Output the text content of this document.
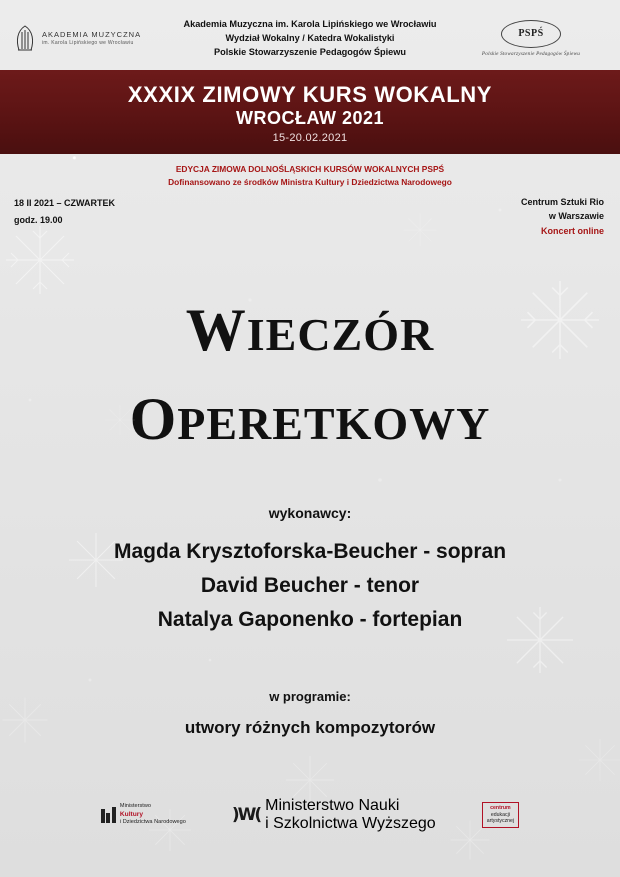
AKADEMIA MUZYCZNA
im. Karola Lipińskiego we Wrocławiu
Akademia Muzyczna im. Karola Lipińskiego we Wrocławiu
Wydział Wokalny / Katedra Wokalistyki
Polskie Stowarzyszenie Pedagogów Śpiewu
PSPŚ
Polskie Stowarzyszenie Pedagogów Śpiewu
XXXIX ZIMOWY KURS WOKALNY
WROCŁAW 2021
15-20.02.2021
EDYCJA ZIMOWA DOLNOŚLĄSKICH KURSÓW WOKALNYCH PSPŚ
Dofinansowano ze środków Ministra Kultury i Dziedzictwa Narodowego
18 II 2021 – CZWARTEK
godz. 19.00
Centrum Sztuki Rio
w Warszawie
Koncert online
WIECZÓR
OPERETKOWY
wykonawcy:
Magda Krysztoforska-Beucher - sopran
David Beucher - tenor
Natalya Gaponenko - fortepian
w programie:
utwory różnych kompozytorów
Ministerstwo
Kultury
i Dziedzictwa Narodowego	)W( Ministerstwo Nauki
i Szkolnictwa Wyższego
centrum
edukacji
artystycznej
